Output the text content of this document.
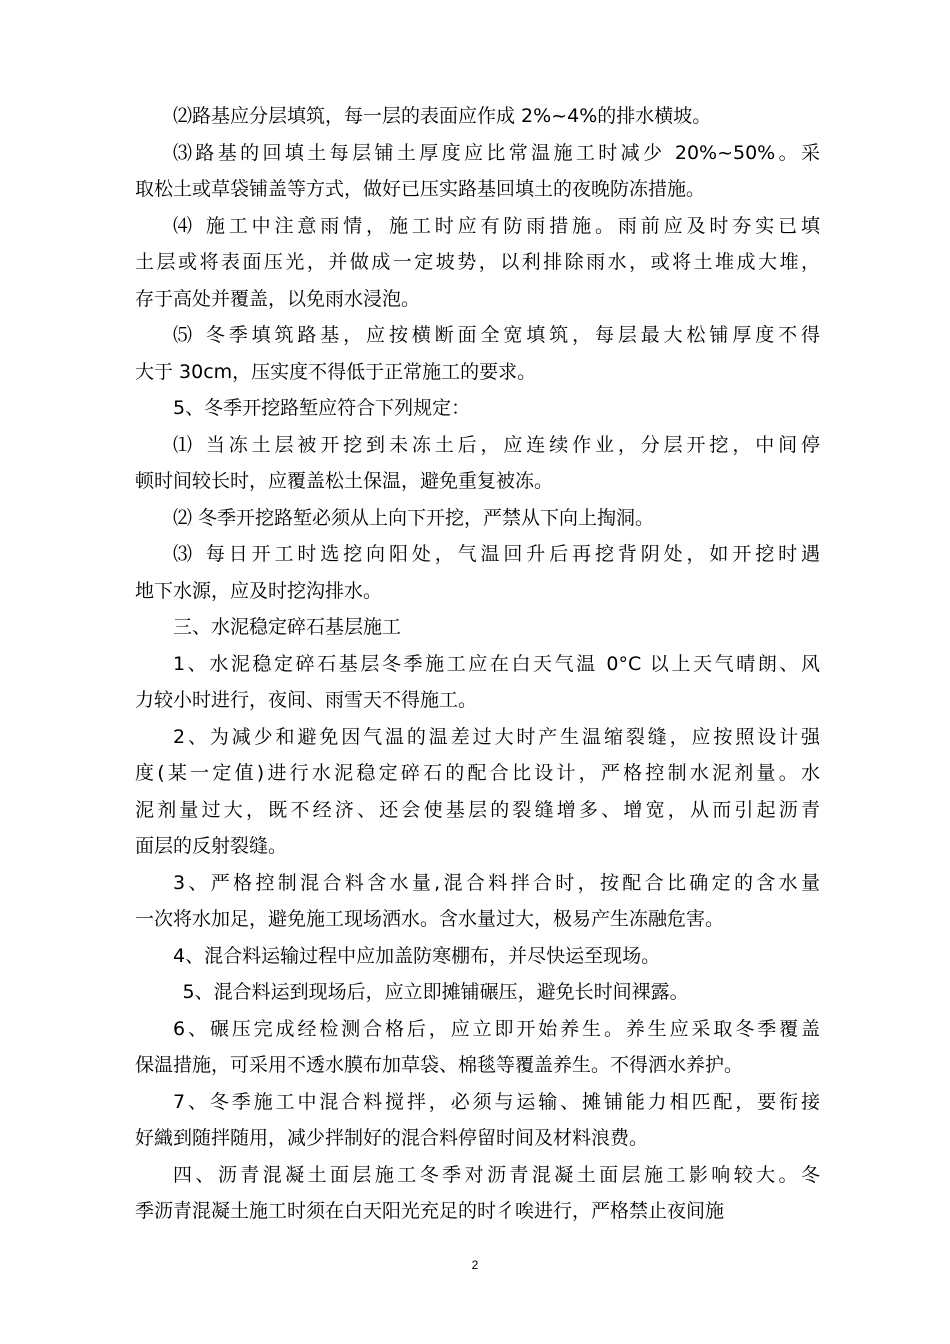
⑵路基应分层填筑，每一层的表面应作成 2%~4%的排水横坡。
⑶路基的回填土每层铺土厚度应比常温施工时减少 20%~50%。采
取松土或草袋铺盖等方式，做好已压实路基回填土的夜晚防冻措施。
⑷ 施工中注意雨情，施工时应有防雨措施。雨前应及时夯实已填
土层或将表面压光，并做成一定坡势，以利排除雨水，或将土堆成大堆，
存于高处并覆盖，以免雨水浸泡。
⑸ 冬季填筑路基，应按横断面全宽填筑，每层最大松铺厚度不得
大于 30cm，压实度不得低于正常施工的要求。
5、冬季开挖路堑应符合下列规定：
⑴ 当冻土层被开挖到未冻土后，应连续作业，分层开挖，中间停
顿时间较长时，应覆盖松土保温，避免重复被冻。
⑵ 冬季开挖路堑必须从上向下开挖，严禁从下向上掏洞。
⑶ 每日开工时选挖向阳处，气温回升后再挖背阴处，如开挖时遇
地下水源，应及时挖沟排水。
三、水泥稳定碎石基层施工
1、水泥稳定碎石基层冬季施工应在白天气温 0°C 以上天气晴朗、风
力较小时进行，夜间、雨雪天不得施工。
2、为减少和避免因气温的温差过大时产生温缩裂缝，应按照设计强
度(某一定值)进行水泥稳定碎石的配合比设计，严格控制水泥剂量。水
泥剂量过大，既不经济、还会使基层的裂缝增多、增宽，从而引起沥青
面层的反射裂缝。
3、严格控制混合料含水量,混合料拌合时，按配合比确定的含水量
一次将水加足，避免施工现场洒水。含水量过大，极易产生冻融危害。
4、混合料运输过程中应加盖防寒棚布，并尽快运至现场。
5、混合料运到现场后，应立即摊铺碾压，避免长时间裸露。
6、碾压完成经检测合格后，应立即开始养生。养生应采取冬季覆盖
保温措施，可采用不透水膜布加草袋、棉毯等覆盖养生。不得洒水养护。
7、冬季施工中混合料搅拌，必须与运输、摊铺能力相匹配，要衔接
好織到随拌随用，减少拌制好的混合料停留时间及材料浪费。
四、沥青混凝土面层施工冬季对沥青混凝土面层施工影响较大。冬
季沥青混凝土施工时须在白天阳光充足的时彳唉进行，严格禁止夜间施
2
